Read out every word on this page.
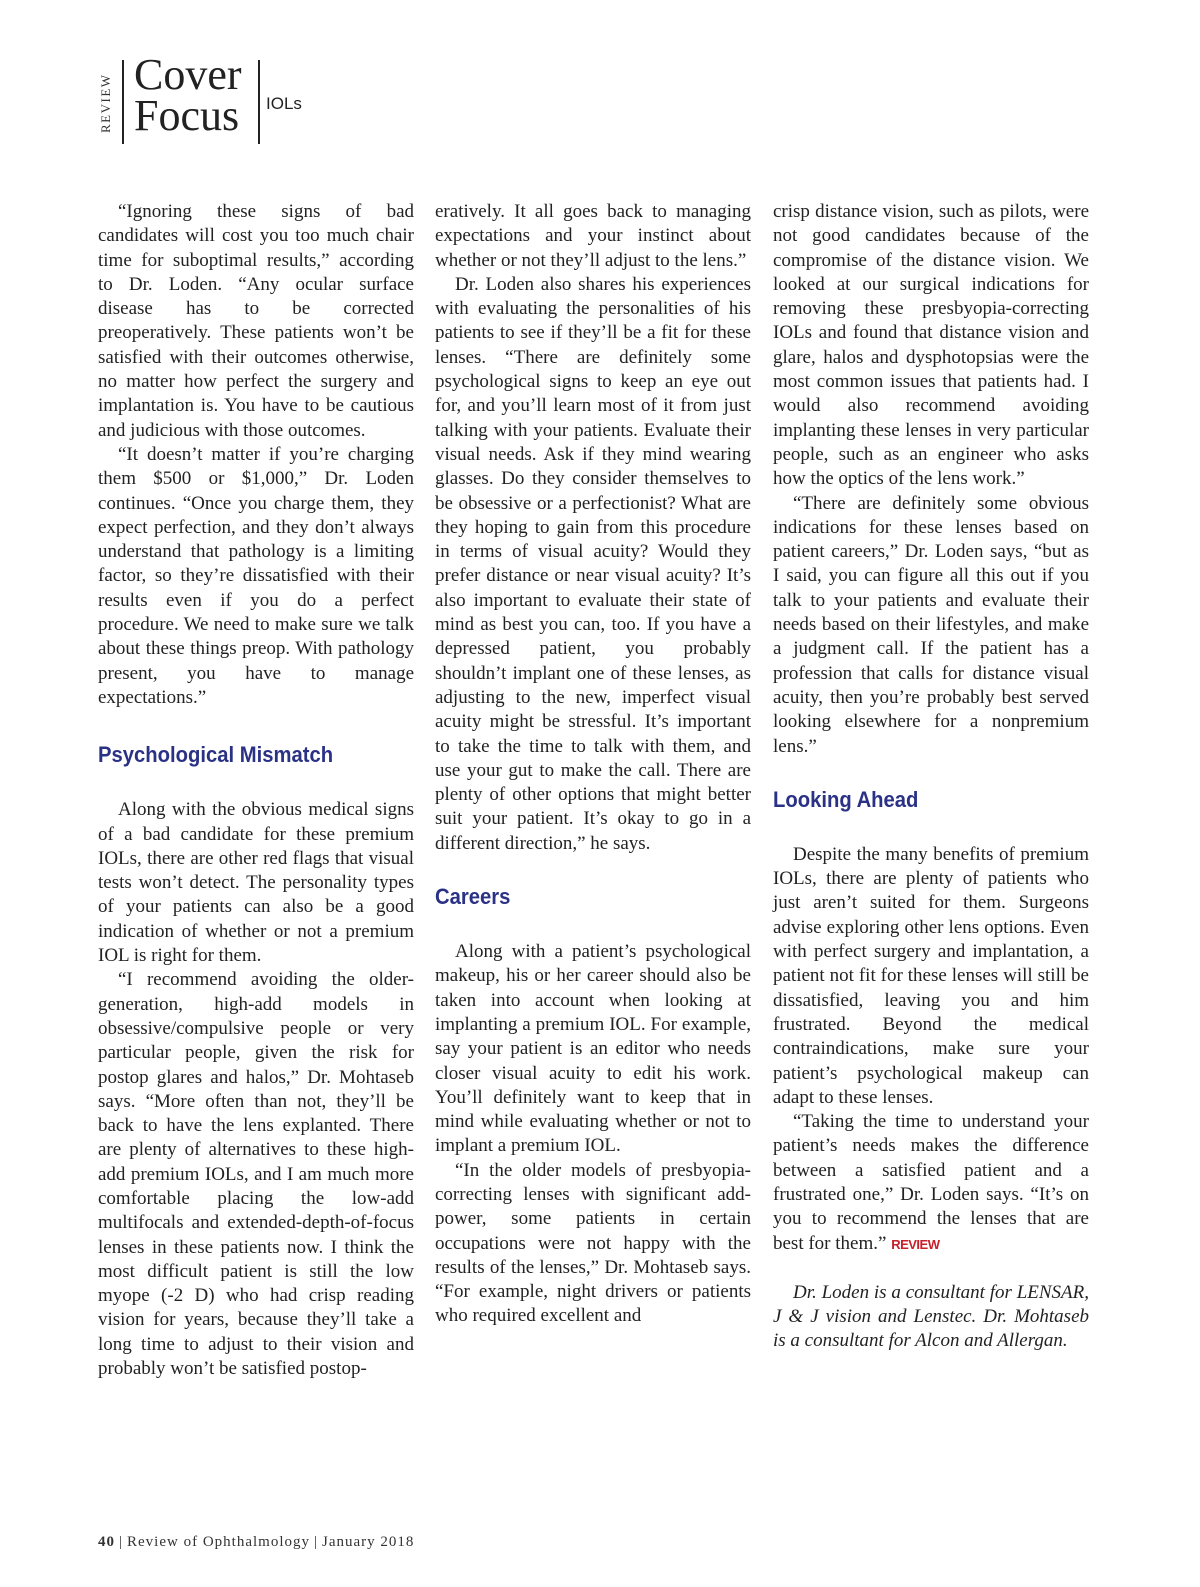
REVIEW Cover
Focus	IOLs

“Ignoring these signs of bad candidates will cost you too much chair time for suboptimal results,” according to Dr. Loden. “Any ocular surface disease has to be corrected preoperatively. These patients won’t be satisfied with their outcomes otherwise, no matter how perfect the surgery and implantation is. You have to be cautious and judicious with those outcomes.

“It doesn’t matter if you’re charging them $500 or $1,000,” Dr. Loden continues. “Once you charge them, they expect perfection, and they don’t always understand that pathology is a limiting factor, so they’re dissatisfied with their results even if you do a perfect procedure. We need to make sure we talk about these things preop. With pathology present, you have to manage expectations.”

Psychological Mismatch

Along with the obvious medical signs of a bad candidate for these premium IOLs, there are other red flags that visual tests won’t detect. The personality types of your patients can also be a good indication of whether or not a premium IOL is right for them.

“I recommend avoiding the older-generation, high-add models in obsessive/compulsive people or very particular people, given the risk for postop glares and halos,” Dr. Mohtaseb says. “More often than not, they’ll be back to have the lens explanted. There are plenty of alternatives to these high-add premium IOLs, and I am much more comfortable placing the low-add multifocals and extended-depth-of-focus lenses in these patients now. I think the most difficult patient is still the low myope (-2 D) who had crisp reading vision for years, because they’ll take a long time to adjust to their vision and probably won’t be satisfied postop-

eratively. It all goes back to managing expectations and your instinct about whether or not they’ll adjust to the lens.”

Dr. Loden also shares his experiences with evaluating the personalities of his patients to see if they’ll be a fit for these lenses. “There are definitely some psychological signs to keep an eye out for, and you’ll learn most of it from just talking with your patients. Evaluate their visual needs. Ask if they mind wearing glasses. Do they consider themselves to be obsessive or a perfectionist? What are they hoping to gain from this procedure in terms of visual acuity? Would they prefer distance or near visual acuity? It’s also important to evaluate their state of mind as best you can, too. If you have a depressed patient, you probably shouldn’t implant one of these lenses, as adjusting to the new, imperfect visual acuity might be stressful. It’s important to take the time to talk with them, and use your gut to make the call. There are plenty of other options that might better suit your patient. It’s okay to go in a different direction,” he says.

Careers

Along with a patient’s psychological makeup, his or her career should also be taken into account when looking at implanting a premium IOL. For example, say your patient is an editor who needs closer visual acuity to edit his work. You’ll definitely want to keep that in mind while evaluating whether or not to implant a premium IOL.

“In the older models of presbyopia-correcting lenses with significant add-power, some patients in certain occupations were not happy with the results of the lenses,” Dr. Mohtaseb says. “For example, night drivers or patients who required excellent and

crisp distance vision, such as pilots, were not good candidates because of the compromise of the distance vision. We looked at our surgical indications for removing these presbyopia-correcting IOLs and found that distance vision and glare, halos and dysphotopsias were the most common issues that patients had. I would also recommend avoiding implanting these lenses in very particular people, such as an engineer who asks how the optics of the lens work.”

“There are definitely some obvious indications for these lenses based on patient careers,” Dr. Loden says, “but as I said, you can figure all this out if you talk to your patients and evaluate their needs based on their lifestyles, and make a judgment call. If the patient has a profession that calls for distance visual acuity, then you’re probably best served looking elsewhere for a nonpremium lens.”

Looking Ahead

Despite the many benefits of premium IOLs, there are plenty of patients who just aren’t suited for them. Surgeons advise exploring other lens options. Even with perfect surgery and implantation, a patient not fit for these lenses will still be dissatisfied, leaving you and him frustrated. Beyond the medical contraindications, make sure your patient’s psychological makeup can adapt to these lenses.

“Taking the time to understand your patient’s needs makes the difference between a satisfied patient and a frustrated one,” Dr. Loden says. “It’s on you to recommend the lenses that are best for them.” REVIEW

Dr. Loden is a consultant for LENSAR, J & J vision and Lenstec. Dr. Mohtaseb is a consultant for Alcon and Allergan.

40 | Review of Ophthalmology | January 2018
